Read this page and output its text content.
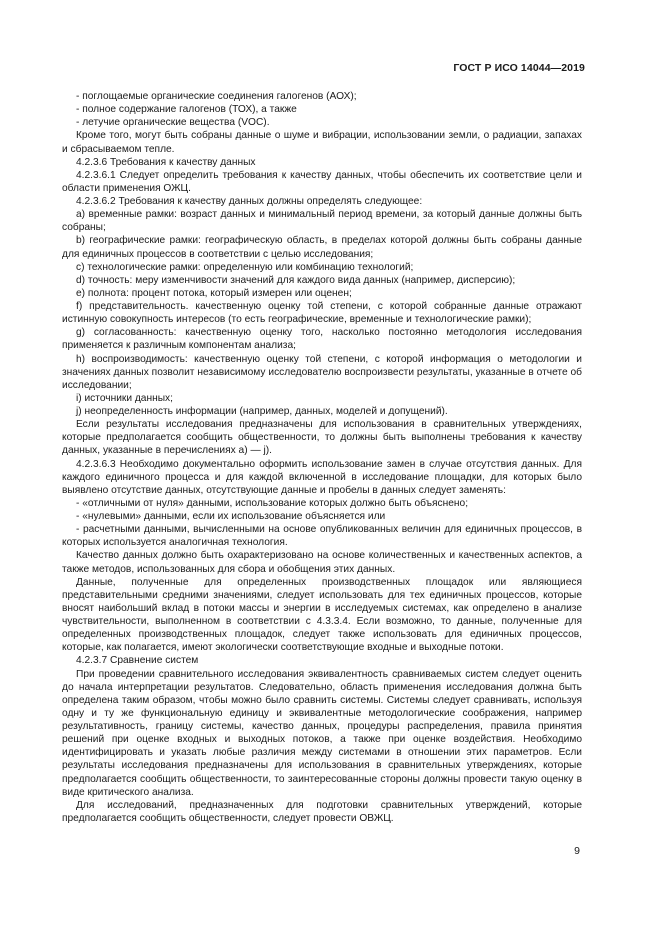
ГОСТ Р ИСО 14044—2019

- поглощаемые органические соединения галогенов (АОХ);

- полное содержание галогенов (ТОХ), а также

- летучие органические вещества (VOC).

Кроме того, могут быть собраны данные о шуме и вибрации, использовании земли, о радиации, запахах и сбрасываемом тепле.

4.2.3.6 Требования к качеству данных

4.2.3.6.1 Следует определить требования к качеству данных, чтобы обеспечить их соответствие цели и области применения ОЖЦ.

4.2.3.6.2 Требования к качеству данных должны определять следующее:

a) временные рамки: возраст данных и минимальный период времени, за который данные должны быть собраны;

b) географические рамки: географическую область, в пределах которой должны быть собраны данные для единичных процессов в соответствии с целью исследования;

c) технологические рамки: определенную или комбинацию технологий;

d) точность: меру изменчивости значений для каждого вида данных (например, дисперсию);

e) полнота: процент потока, который измерен или оценен;

f) представительность. качественную оценку той степени, с которой собранные данные отражают истинную совокупность интересов (то есть географические, временные и технологические рамки);

g) согласованность: качественную оценку того, насколько постоянно методология исследования применяется к различным компонентам анализа;

h) воспроизводимость: качественную оценку той степени, с которой информация о методологии и значениях данных позволит независимому исследователю воспроизвести результаты, указанные в отчете об исследовании;

i) источники данных;

j) неопределенность информации (например, данных, моделей и допущений).

Если результаты исследования предназначены для использования в сравнительных утверждениях, которые предполагается сообщить общественности, то должны быть выполнены требования к качеству данных, указанные в перечислениях а) — j).

4.2.3.6.3 Необходимо документально оформить использование замен в случае отсутствия данных. Для каждого единичного процесса и для каждой включенной в исследование площадки, для которых было выявлено отсутствие данных, отсутствующие данные и пробелы в данных следует заменять:

- «отличными от нуля» данными, использование которых должно быть объяснено;

- «нулевыми» данными, если их использование объясняется или

- расчетными данными, вычисленными на основе опубликованных величин для единичных процессов, в которых используется аналогичная технология.

Качество данных должно быть охарактеризовано на основе количественных и качественных аспектов, а также методов, использованных для сбора и обобщения этих данных.

Данные, полученные для определенных производственных площадок или являющиеся представительными средними значениями, следует использовать для тех единичных процессов, которые вносят наибольший вклад в потоки массы и энергии в исследуемых системах, как определено в анализе чувствительности, выполненном в соответствии с 4.3.3.4. Если возможно, то данные, полученные для определенных производственных площадок, следует также использовать для единичных процессов, которые, как полагается, имеют экологически соответствующие входные и выходные потоки.

4.2.3.7 Сравнение систем

При проведении сравнительного исследования эквивалентность сравниваемых систем следует оценить до начала интерпретации результатов. Следовательно, область применения исследования должна быть определена таким образом, чтобы можно было сравнить системы. Системы следует сравнивать, используя одну и ту же функциональную единицу и эквивалентные методологические соображения, например результативность, границу системы, качество данных, процедуры распределения, правила принятия решений при оценке входных и выходных потоков, а также при оценке воздействия. Необходимо идентифицировать и указать любые различия между системами в отношении этих параметров. Если результаты исследования предназначены для использования в сравнительных утверждениях, которые предполагается сообщить общественности, то заинтересованные стороны должны провести такую оценку в виде критического анализа.

Для исследований, предназначенных для подготовки сравнительных утверждений, которые предполагается сообщить общественности, следует провести ОВЖЦ.

9
